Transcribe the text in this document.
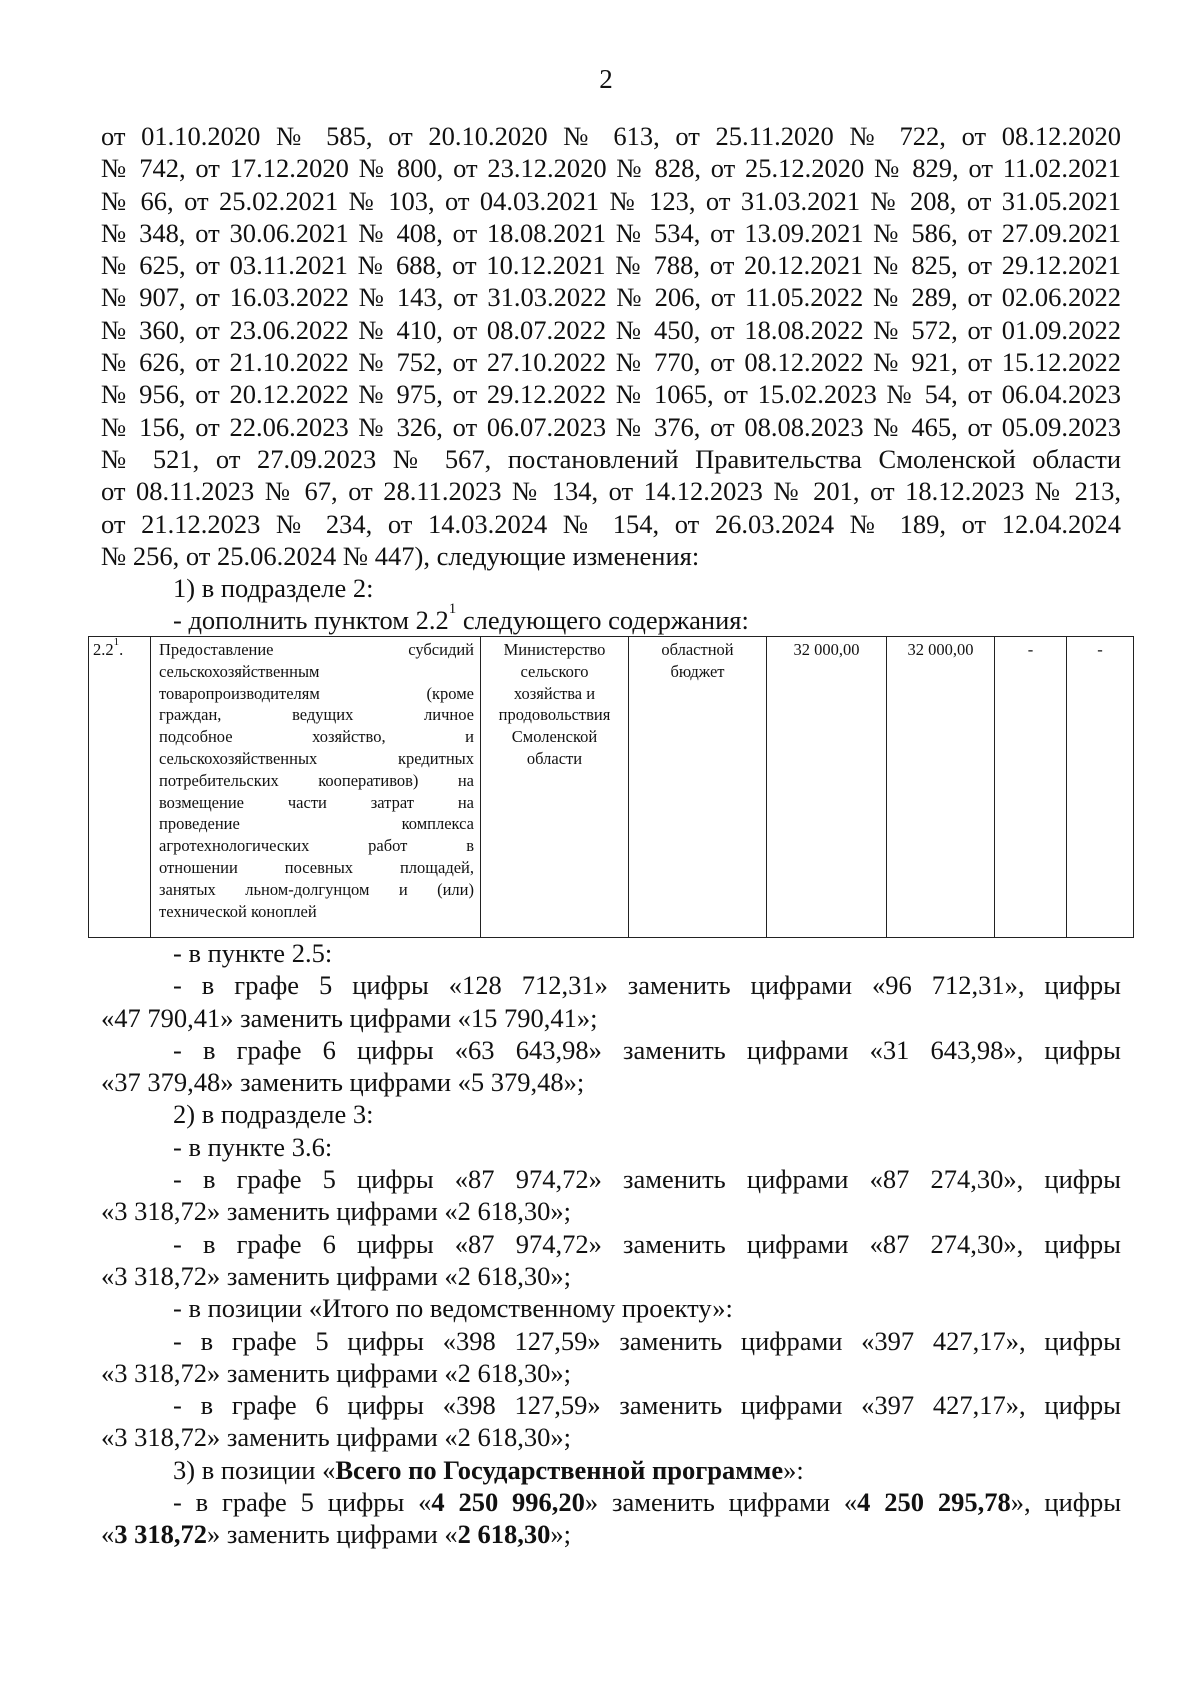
2
от 01.10.2020 № 585, от 20.10.2020 № 613, от 25.11.2020 № 722, от 08.12.2020
№ 742, от 17.12.2020 № 800, от 23.12.2020 № 828, от 25.12.2020 № 829, от 11.02.2021
№ 66, от 25.02.2021 № 103, от 04.03.2021 № 123, от 31.03.2021 № 208, от 31.05.2021
№ 348, от 30.06.2021 № 408, от 18.08.2021 № 534, от 13.09.2021 № 586, от 27.09.2021
№ 625, от 03.11.2021 № 688, от 10.12.2021 № 788, от 20.12.2021 № 825, от 29.12.2021
№ 907, от 16.03.2022 № 143, от 31.03.2022 № 206, от 11.05.2022 № 289, от 02.06.2022
№ 360, от 23.06.2022 № 410, от 08.07.2022 № 450, от 18.08.2022 № 572, от 01.09.2022
№ 626, от 21.10.2022 № 752, от 27.10.2022 № 770, от 08.12.2022 № 921, от 15.12.2022
№ 956, от 20.12.2022 № 975, от 29.12.2022 № 1065, от 15.02.2023 № 54, от 06.04.2023
№ 156, от 22.06.2023 № 326, от 06.07.2023 № 376, от 08.08.2023 № 465, от 05.09.2023
№ 521, от 27.09.2023 № 567, постановлений Правительства Смоленской области
от 08.11.2023 № 67, от 28.11.2023 № 134, от 14.12.2023 № 201, от 18.12.2023 № 213,
от 21.12.2023 № 234, от 14.03.2024 № 154, от 26.03.2024 № 189, от 12.04.2024
№ 256, от 25.06.2024 № 447), следующие изменения:
1) в подразделе 2:
- дополнить пунктом $2.2^1$ следующего содержания:
$2.2^1$.	Предоставление субсидий
сельскохозяйственным
товаропроизводителям (кроме
граждан, ведущих личное
подсобное хозяйство, и
сельскохозяйственных кредитных
потребительских кооперативов) на
возмещение части затрат на
проведение комплекса
агротехнологических работ в
отношении посевных площадей,
занятых льном-долгунцом и (или)
технической коноплей
	Министерство
сельского
хозяйства и
продовольствия
Смоленской
области
	областной
бюджет
	32 000,00	32 000,00	-	-
- в пункте 2.5:
- в графе 5 цифры «128 712,31» заменить цифрами «96 712,31», цифры
«47 790,41» заменить цифрами «15 790,41»;
- в графе 6 цифры «63 643,98» заменить цифрами «31 643,98», цифры
«37 379,48» заменить цифрами «5 379,48»;
2) в подразделе 3:
- в пункте 3.6:
- в графе 5 цифры «87 974,72» заменить цифрами «87 274,30», цифры
«3 318,72» заменить цифрами «2 618,30»;
- в графе 6 цифры «87 974,72» заменить цифрами «87 274,30», цифры
«3 318,72» заменить цифрами «2 618,30»;
- в позиции «Итого по ведомственному проекту»:
- в графе 5 цифры «398 127,59» заменить цифрами «397 427,17», цифры
«3 318,72» заменить цифрами «2 618,30»;
- в графе 6 цифры «398 127,59» заменить цифрами «397 427,17», цифры
«3 318,72» заменить цифрами «2 618,30»;
3) в позиции «Всего по Государственной программе»:
- в графе 5 цифры «4 250 996,20» заменить цифрами «4 250 295,78», цифры
«3 318,72» заменить цифрами «2 618,30»;
